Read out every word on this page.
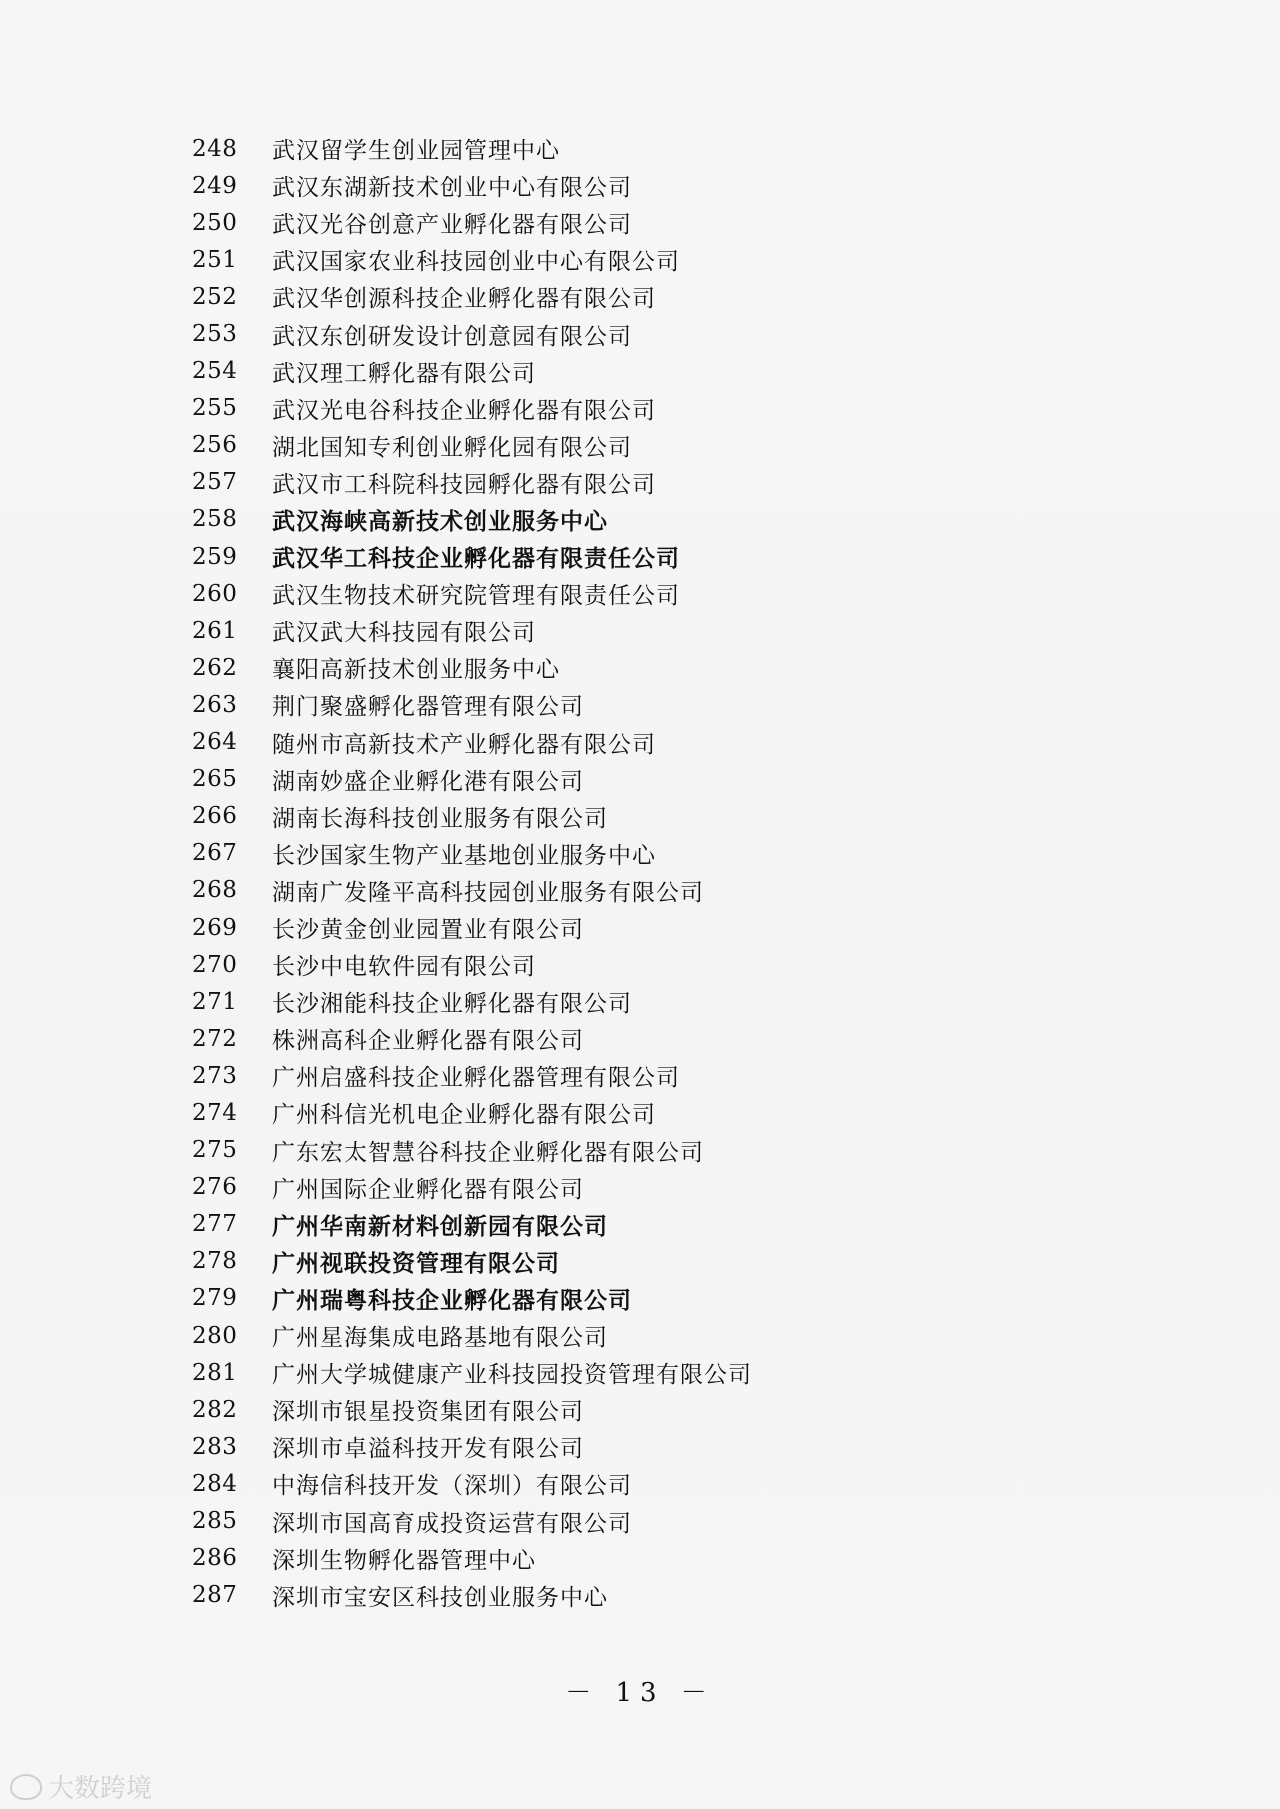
248	武汉留学生创业园管理中心
249	武汉东湖新技术创业中心有限公司
250	武汉光谷创意产业孵化器有限公司
251	武汉国家农业科技园创业中心有限公司
252	武汉华创源科技企业孵化器有限公司
253	武汉东创研发设计创意园有限公司
254	武汉理工孵化器有限公司
255	武汉光电谷科技企业孵化器有限公司
256	湖北国知专利创业孵化园有限公司
257	武汉市工科院科技园孵化器有限公司
258	武汉海峡高新技术创业服务中心
259	武汉华工科技企业孵化器有限责任公司
260	武汉生物技术研究院管理有限责任公司
261	武汉武大科技园有限公司
262	襄阳高新技术创业服务中心
263	荆门聚盛孵化器管理有限公司
264	随州市高新技术产业孵化器有限公司
265	湖南妙盛企业孵化港有限公司
266	湖南长海科技创业服务有限公司
267	长沙国家生物产业基地创业服务中心
268	湖南广发隆平高科技园创业服务有限公司
269	长沙黄金创业园置业有限公司
270	长沙中电软件园有限公司
271	长沙湘能科技企业孵化器有限公司
272	株洲高科企业孵化器有限公司
273	广州启盛科技企业孵化器管理有限公司
274	广州科信光机电企业孵化器有限公司
275	广东宏太智慧谷科技企业孵化器有限公司
276	广州国际企业孵化器有限公司
277	广州华南新材料创新园有限公司
278	广州视联投资管理有限公司
279	广州瑞粤科技企业孵化器有限公司
280	广州星海集成电路基地有限公司
281	广州大学城健康产业科技园投资管理有限公司
282	深圳市银星投资集团有限公司
283	深圳市卓溢科技开发有限公司
284	中海信科技开发（深圳）有限公司
285	深圳市国高育成投资运营有限公司
286	深圳生物孵化器管理中心
287	深圳市宝安区科技创业服务中心
－ 13 －
大数跨境
